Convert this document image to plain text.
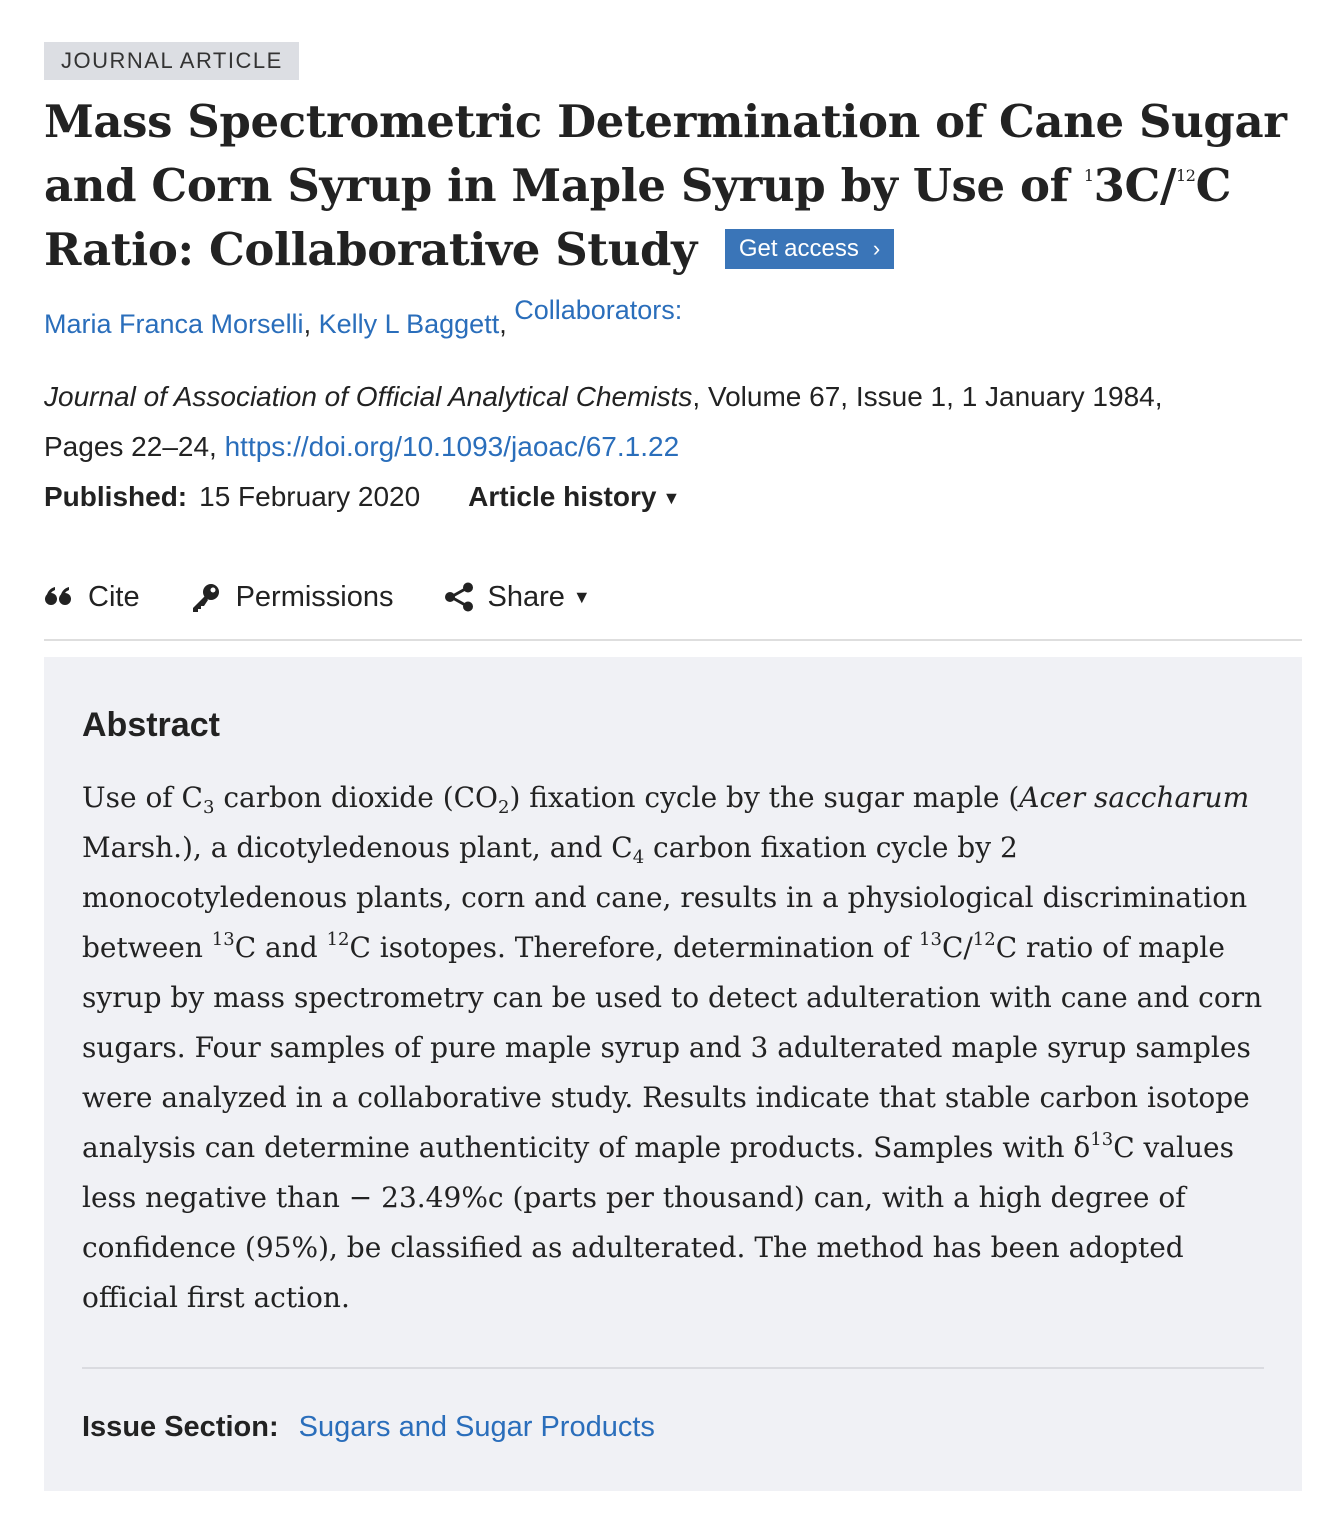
JOURNAL ARTICLE
Mass Spectrometric Determination of Cane Sugar and Corn Syrup in Maple Syrup by Use of $^1$3C/$^{12}$C Ratio: Collaborative Study Get access ›
Maria Franca Morselli, Kelly L Baggett, $^{Collaborators:}$
Journal of Association of Official Analytical Chemists, Volume 67, Issue 1, 1 January 1984,
Pages 22–24, https://doi.org/10.1093/jaoac/67.1.22
Published: 15 February 2020 Article history ▼
Cite	Permissions	Share ▼
Abstract
Use of $C_3$ carbon dioxide $(CO_2)$ fixation cycle by the sugar maple (Acer saccharum Marsh.), a dicotyledenous plant, and $C_4$ carbon fixation cycle by 2 monocotyledenous plants, corn and cane, results in a physiological discrimination between $^{13}$C and $^{12}$C isotopes. Therefore, determination of $^{13}$C/$^{12}$C ratio of maple syrup by mass spectrometry can be used to detect adulteration with cane and corn sugars. Four samples of pure maple syrup and 3 adulterated maple syrup samples were analyzed in a collaborative study. Results indicate that stable carbon isotope analysis can determine authenticity of maple products. Samples with $\delta^{13}C$ values less negative than − 23.49%c (parts per thousand) can, with a high degree of confidence (95%), be classified as adulterated. The method has been adopted official first action.
Issue Section: Sugars and Sugar Products
